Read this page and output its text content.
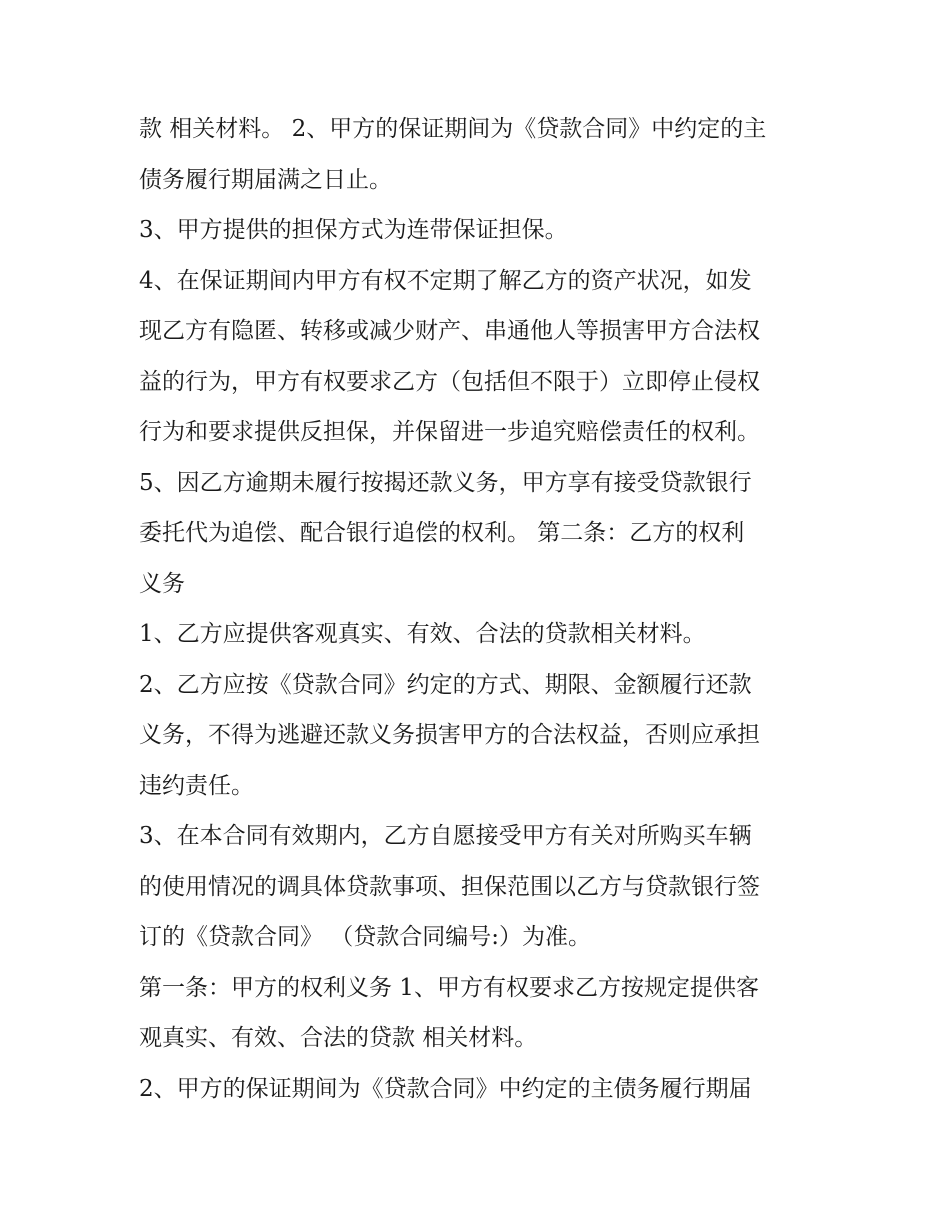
款 相关材料。 2、甲方的保证期间为《贷款合同》中约定的主
债务履行期届满之日止。
3、甲方提供的担保方式为连带保证担保。
4、在保证期间内甲方有权不定期了解乙方的资产状况，如发
现乙方有隐匿、转移或减少财产、串通他人等损害甲方合法权
益的行为，甲方有权要求乙方（包括但不限于）立即停止侵权
行为和要求提供反担保，并保留进一步追究赔偿责任的权利。
5、因乙方逾期未履行按揭还款义务，甲方享有接受贷款银行
委托代为追偿、配合银行追偿的权利。 第二条：乙方的权利
义务
1、乙方应提供客观真实、有效、合法的贷款相关材料。
2、乙方应按《贷款合同》约定的方式、期限、金额履行还款
义务，不得为逃避还款义务损害甲方的合法权益，否则应承担
违约责任。
3、在本合同有效期内，乙方自愿接受甲方有关对所购买车辆
的使用情况的调具体贷款事项、担保范围以乙方与贷款银行签
订的《贷款合同》 （贷款合同编号:）为准。
第一条：甲方的权利义务 1、甲方有权要求乙方按规定提供客
观真实、有效、合法的贷款 相关材料。
2、甲方的保证期间为《贷款合同》中约定的主债务履行期届
